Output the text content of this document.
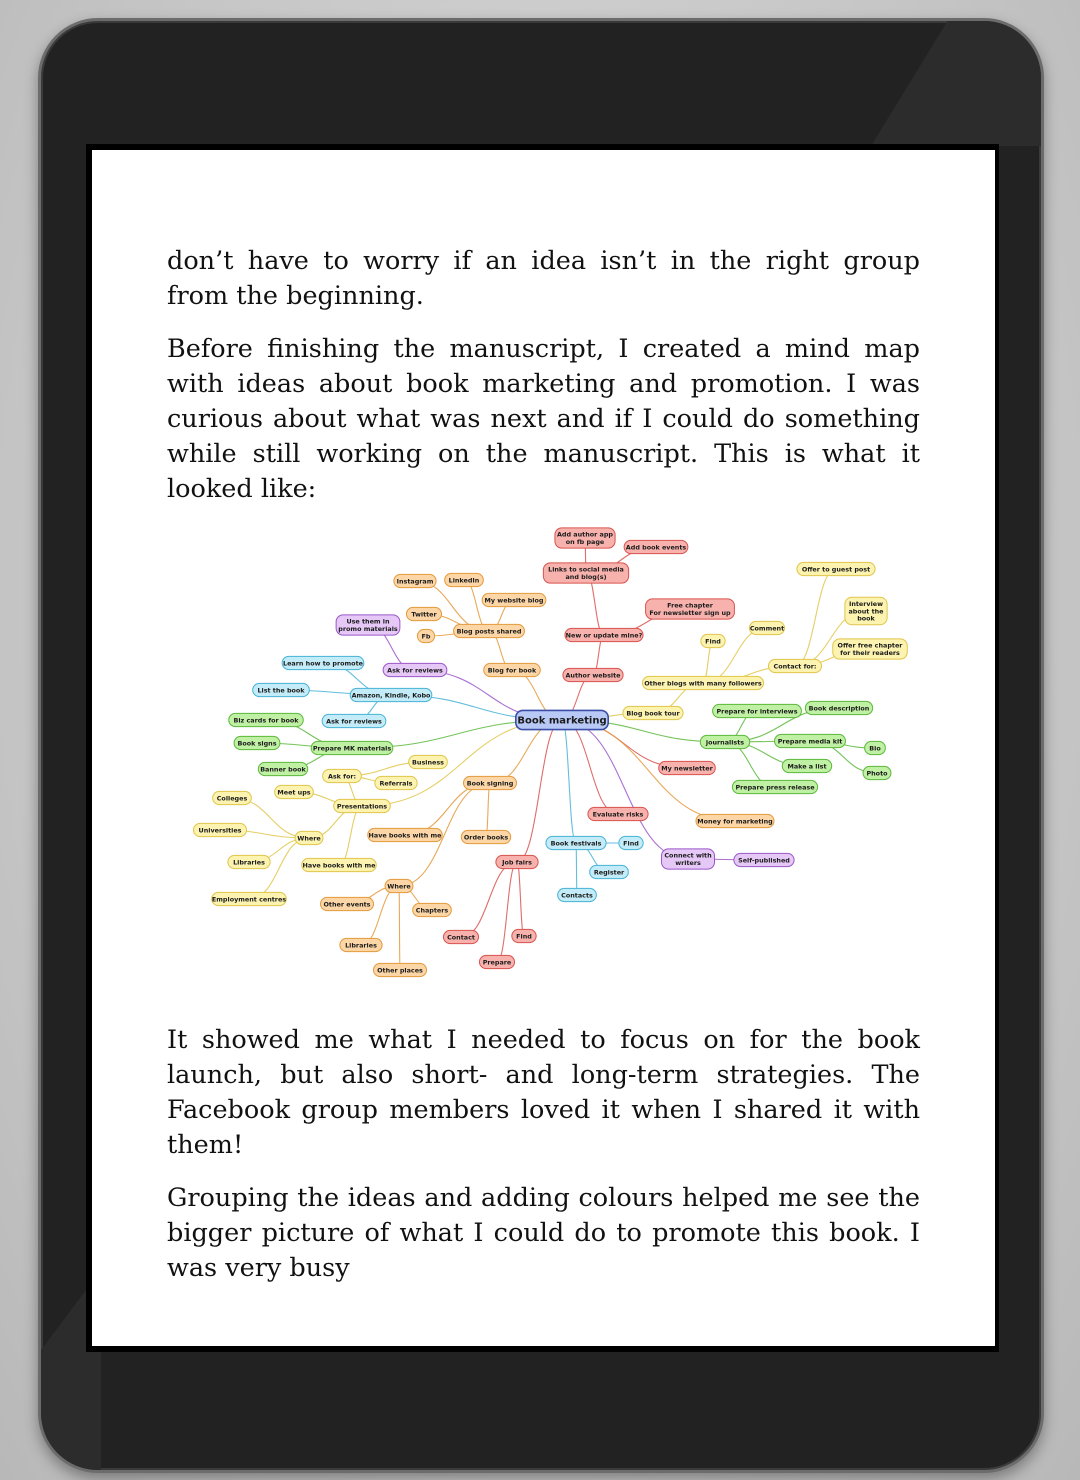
don’t have to worry if an idea isn’t in the right group from the beginning.

Before finishing the manuscript, I created a mind map with ideas about book marketing and promotion. I was curious about what was next and if I could do something while still working on the manuscript. This is what it looked like:

Book marketing
Author website
New or update mine?
Links to social media
and blog(s)
Add author app
on fb page
Add book events
Free chapter
For newsletter sign up
My newsletter
Evaluate risks
Job fairs
Contact
Prepare
Find
Blog for book
Blog posts shared
Instagram LinkedIn
My website blog
Twitter
Fb
Book signing
Order books
Have books with me
Where
Other events
Chapters
Libraries
Other places
Money for marketing
Blog book tour
Other blogs with many followers
Find
Comment
Contact for:
Offer to guest post
Interview
about the
book
Offer free chapter
for their readers
Presentations
Ask for:
Business
Referrals
Meet ups
Where
Colleges
Universities
Libraries
Employment centres
Have books with me
journalists
Prepare for interviews Book description
Prepare media kit
Bio
Photo
Make a list
Prepare press release
Prepare MK materials
Biz cards for book
Book signs
Banner book
Amazon, Kindle, Kobo
Learn how to promote
List the book
Ask for reviews
Book festivals	Find
Register
Contacts
Ask for reviews
Use them in
promo materials
Connect with
writers	Self-published

It showed me what I needed to focus on for the book launch, but also short- and long-term strategies. The Facebook group members loved it when I shared it with them!

Grouping the ideas and adding colours helped me see the bigger picture of what I could do to promote this book. I was very busy
